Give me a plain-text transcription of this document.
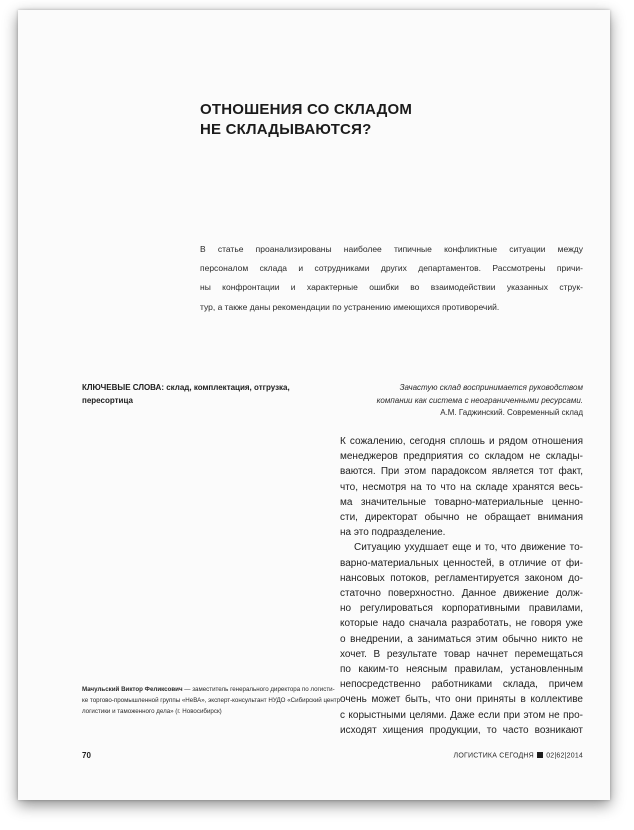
ОТНОШЕНИЯ СО СКЛАДОМ
НЕ СКЛАДЫВАЮТСЯ?
В статье проанализированы наиболее типичные конфликтные ситуации между
персоналом склада и сотрудниками других департаментов. Рассмотрены причи-
ны конфронтации и характерные ошибки во взаимодействии указанных струк-
тур, а также даны рекомендации по устранению имеющихся противоречий.
КЛЮЧЕВЫЕ СЛОВА: склад, комплектация, отгрузка,
пересортица
Зачастую склад воспринимается руководством
компании как система с неограниченными ресурсами.
А.М. Гаджинский. Современный склад
Мачульский Виктор Феликсович — заместитель генерального директора по логисти-
ке торгово-промышленной группы «НеВА», эксперт-консультант НУДО «Сибирский центр
логистики и таможенного дела» (г. Новосибирск)
К сожалению, сегодня сплошь и рядом отношения
менеджеров предприятия со складом не склады-
ваются. При этом парадоксом является тот факт,
что, несмотря на то что на складе хранятся весь-
ма значительные товарно-материальные ценно-
сти, директорат обычно не обращает внимания
на это подразделение.
Ситуацию ухудшает еще и то, что движение то-
варно-материальных ценностей, в отличие от фи-
нансовых потоков, регламентируется законом до-
статочно поверхностно. Данное движение долж-
но регулироваться корпоративными правилами,
которые надо сначала разработать, не говоря уже
о внедрении, а заниматься этим обычно никто не
хочет. В результате товар начнет перемещаться
по каким-то неясным правилам, установленным
непосредственно работниками склада, причем
очень может быть, что они приняты в коллективе
с корыстными целями. Даже если при этом не про-
исходят хищения продукции, то часто возникают
70	ЛОГИСТИКА СЕГОДНЯ 02|62|2014
